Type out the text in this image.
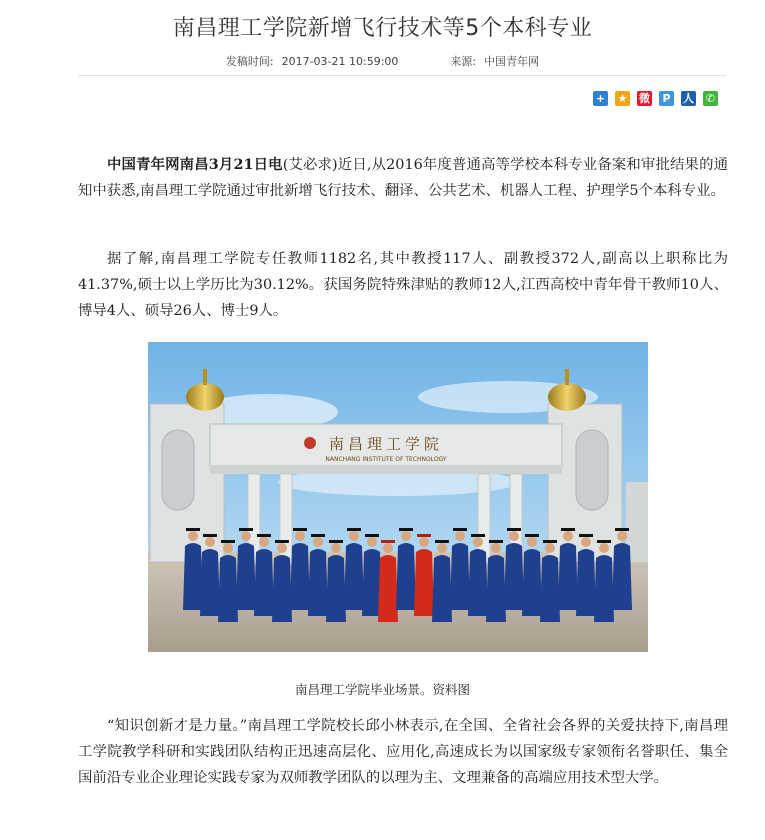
南昌理工学院新增飞行技术等5个本科专业
发稿时间: 2017-03-21 10:59:00	来源: 中国青年网
+ ★ 微	P	人 ✆

中国青年网南昌3月21日电(艾必求)近日,从2016年度普通高等学校本科专业备案和审批结果的通知中获悉,南昌理工学院通过审批新增飞行技术、翻译、公共艺术、机器人工程、护理学5个本科专业。

据了解,南昌理工学院专任教师1182名,其中教授117人、副教授372人,副高以上职称比为41.37%,硕士以上学历比为30.12%。获国务院特殊津贴的教师12人,江西高校中青年骨干教师10人、博导4人、硕导26人、博士9人。

南昌理工学院
NANCHANG INSTITUTE OF TECHNOLOGY
南昌理工学院毕业场景。资料图

“知识创新才是力量。”南昌理工学院校长邱小林表示,在全国、全省社会各界的关爱扶持下,南昌理工学院教学科研和实践团队结构正迅速高层化、应用化,高速成长为以国家级专家领衔名誉职任、集全国前沿专业企业理论实践专家为双师教学团队的以理为主、文理兼备的高端应用技术型大学。
